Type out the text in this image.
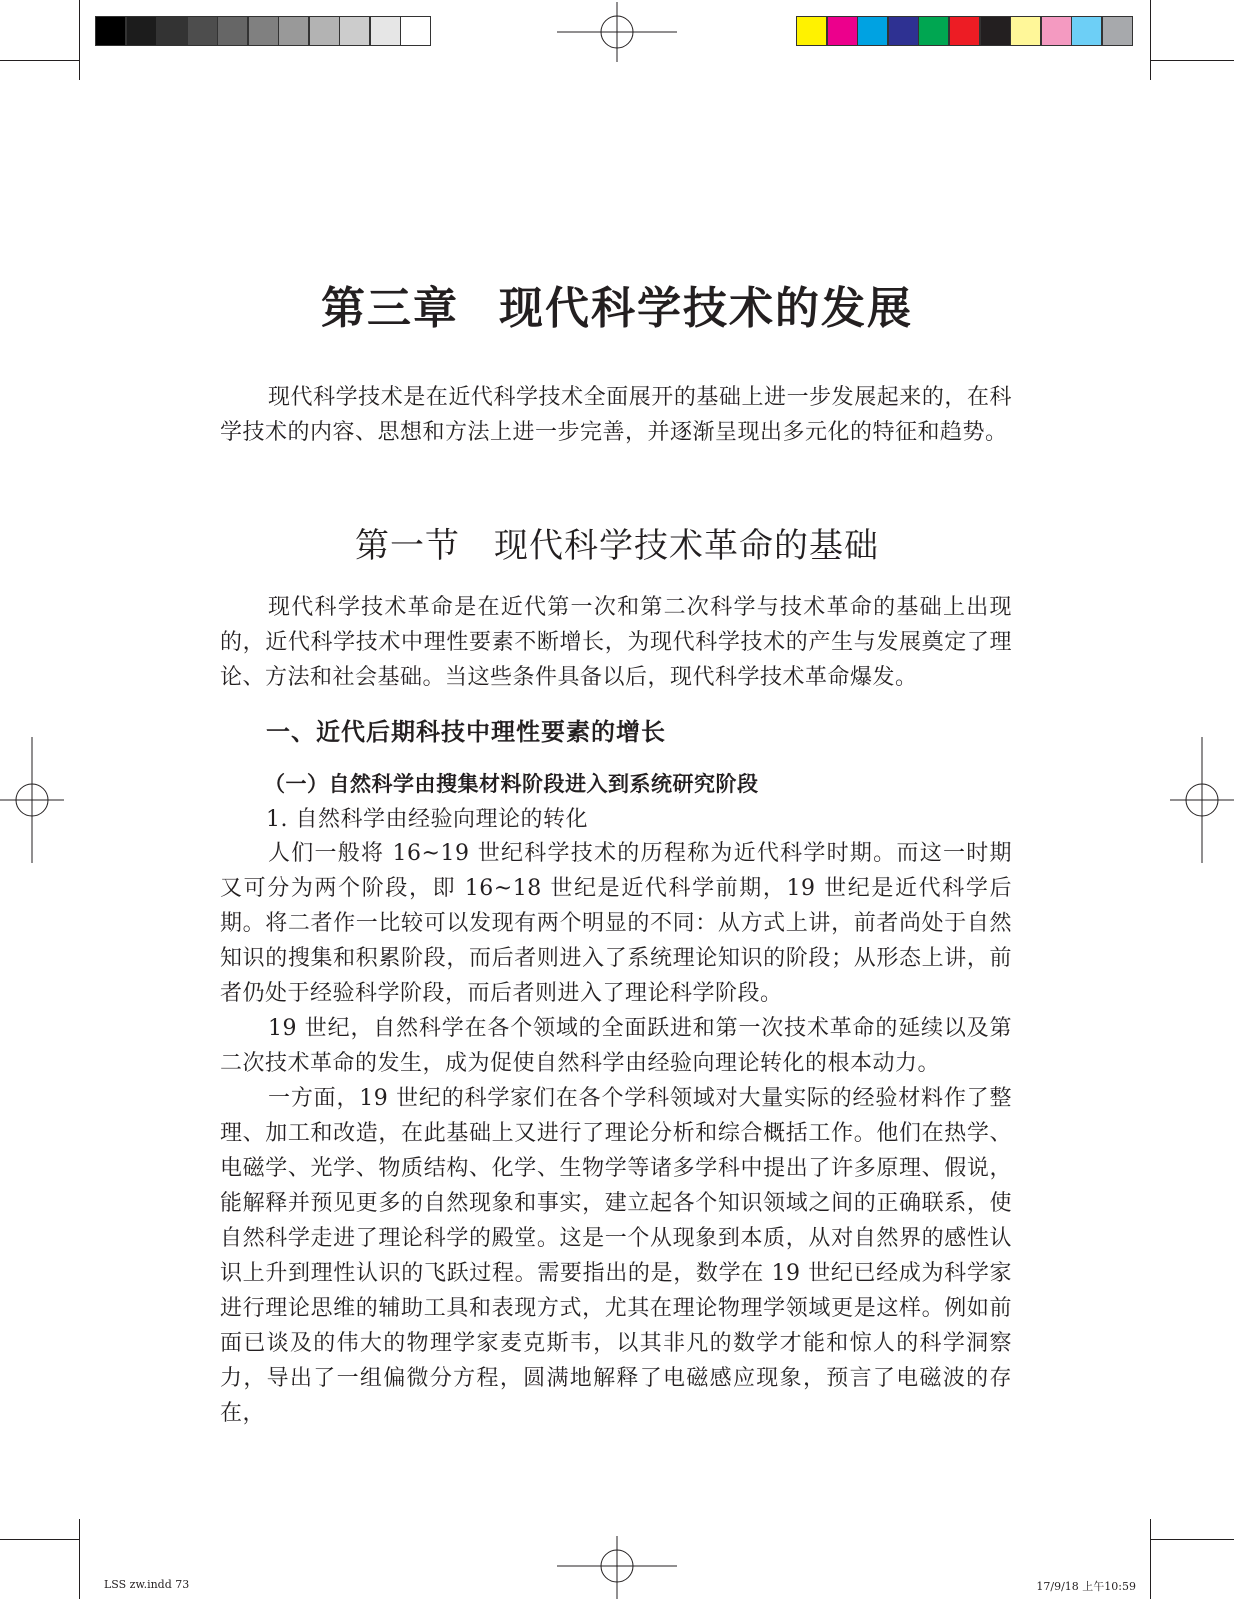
第三章 现代科学技术的发展
现代科学技术是在近代科学技术全面展开的基础上进一步发展起来的，在科学技术的内容、思想和方法上进一步完善，并逐渐呈现出多元化的特征和趋势。
第一节 现代科学技术革命的基础
现代科学技术革命是在近代第一次和第二次科学与技术革命的基础上出现的，近代科学技术中理性要素不断增长，为现代科学技术的产生与发展奠定了理论、方法和社会基础。当这些条件具备以后，现代科学技术革命爆发。
一、近代后期科技中理性要素的增长
（一）自然科学由搜集材料阶段进入到系统研究阶段
1. 自然科学由经验向理论的转化
人们一般将 16~19 世纪科学技术的历程称为近代科学时期。而这一时期又可分为两个阶段，即 16~18 世纪是近代科学前期，19 世纪是近代科学后期。将二者作一比较可以发现有两个明显的不同：从方式上讲，前者尚处于自然知识的搜集和积累阶段，而后者则进入了系统理论知识的阶段；从形态上讲，前者仍处于经验科学阶段，而后者则进入了理论科学阶段。
19 世纪，自然科学在各个领域的全面跃进和第一次技术革命的延续以及第二次技术革命的发生，成为促使自然科学由经验向理论转化的根本动力。
一方面，19 世纪的科学家们在各个学科领域对大量实际的经验材料作了整理、加工和改造，在此基础上又进行了理论分析和综合概括工作。他们在热学、电磁学、光学、物质结构、化学、生物学等诸多学科中提出了许多原理、假说，能解释并预见更多的自然现象和事实，建立起各个知识领域之间的正确联系，使自然科学走进了理论科学的殿堂。这是一个从现象到本质，从对自然界的感性认识上升到理性认识的飞跃过程。需要指出的是，数学在 19 世纪已经成为科学家进行理论思维的辅助工具和表现方式，尤其在理论物理学领域更是这样。例如前面已谈及的伟大的物理学家麦克斯韦，以其非凡的数学才能和惊人的科学洞察力，导出了一组偏微分方程，圆满地解释了电磁感应现象，预言了电磁波的存在，
LSS zw.indd 73	17/9/18 上午10:59
